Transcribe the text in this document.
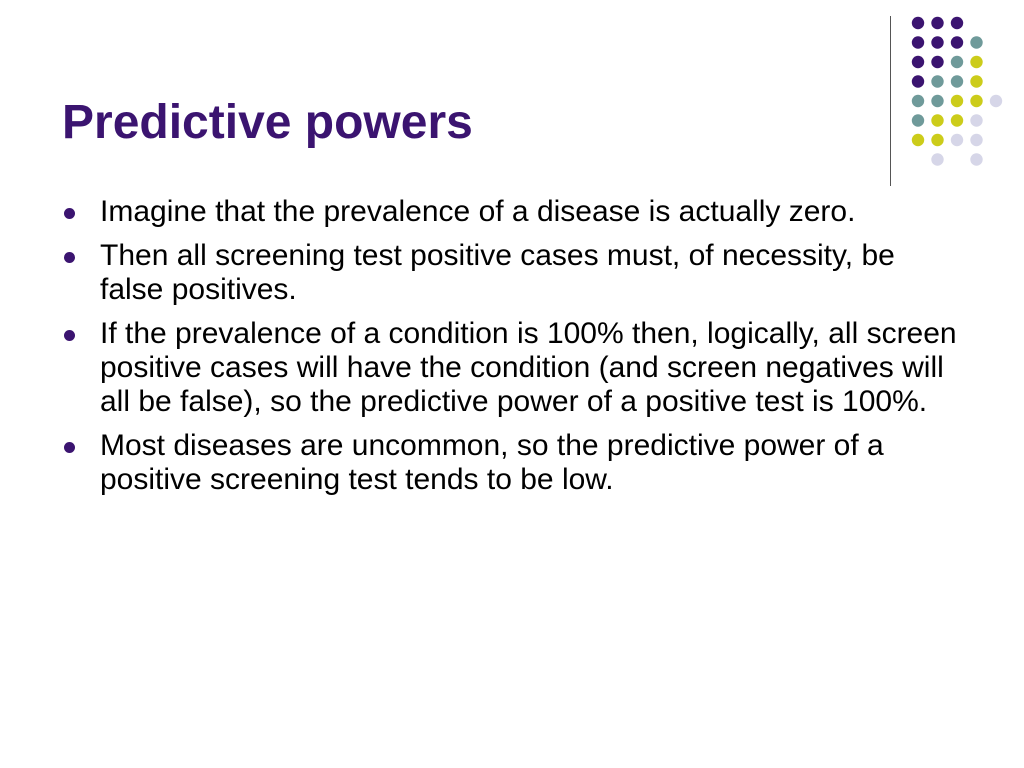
Predictive powers
Imagine that the prevalence of a disease is actually zero.
Then all screening test positive cases must, of necessity, be false positives.
If the prevalence of a condition is 100% then, logically, all screen positive cases will have the condition (and screen negatives will all be false), so the predictive power of a positive test is 100%.
Most diseases are uncommon, so the predictive power of a positive screening test tends to be low.
